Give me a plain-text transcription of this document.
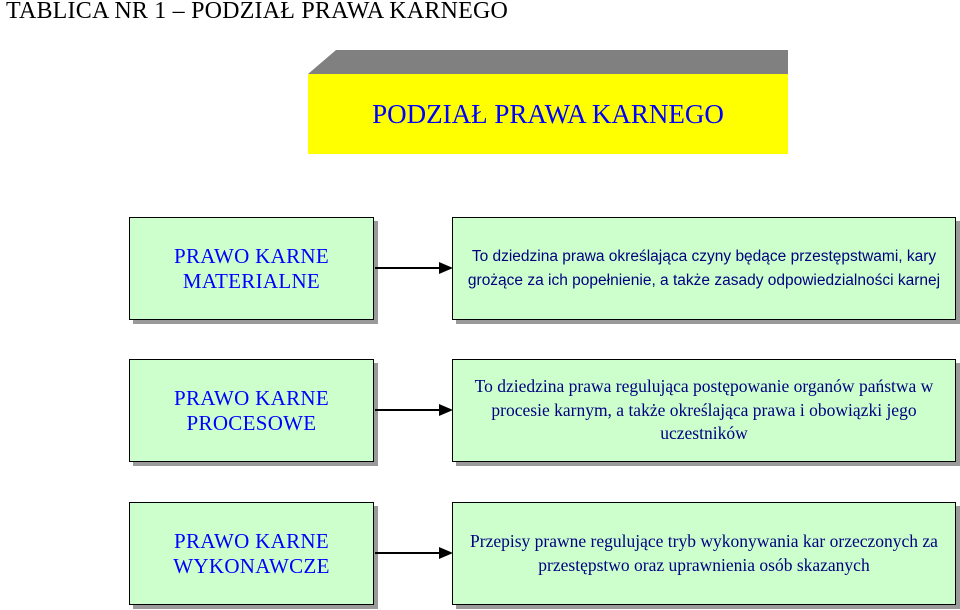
TABLICA NR 1 – PODZIAŁ PRAWA KARNEGO
PODZIAŁ PRAWA KARNEGO
PRAWO KARNE
MATERIALNE
To dziedzina prawa określająca czyny będące przestępstwami, kary grożące za ich popełnienie, a także zasady odpowiedzialności karnej
PRAWO KARNE
PROCESOWE
To dziedzina prawa regulująca postępowanie organów państwa w procesie karnym, a także określająca prawa i obowiązki jego uczestników
PRAWO KARNE
WYKONAWCZE
Przepisy prawne regulujące tryb wykonywania kar orzeczonych za przestępstwo oraz uprawnienia osób skazanych
